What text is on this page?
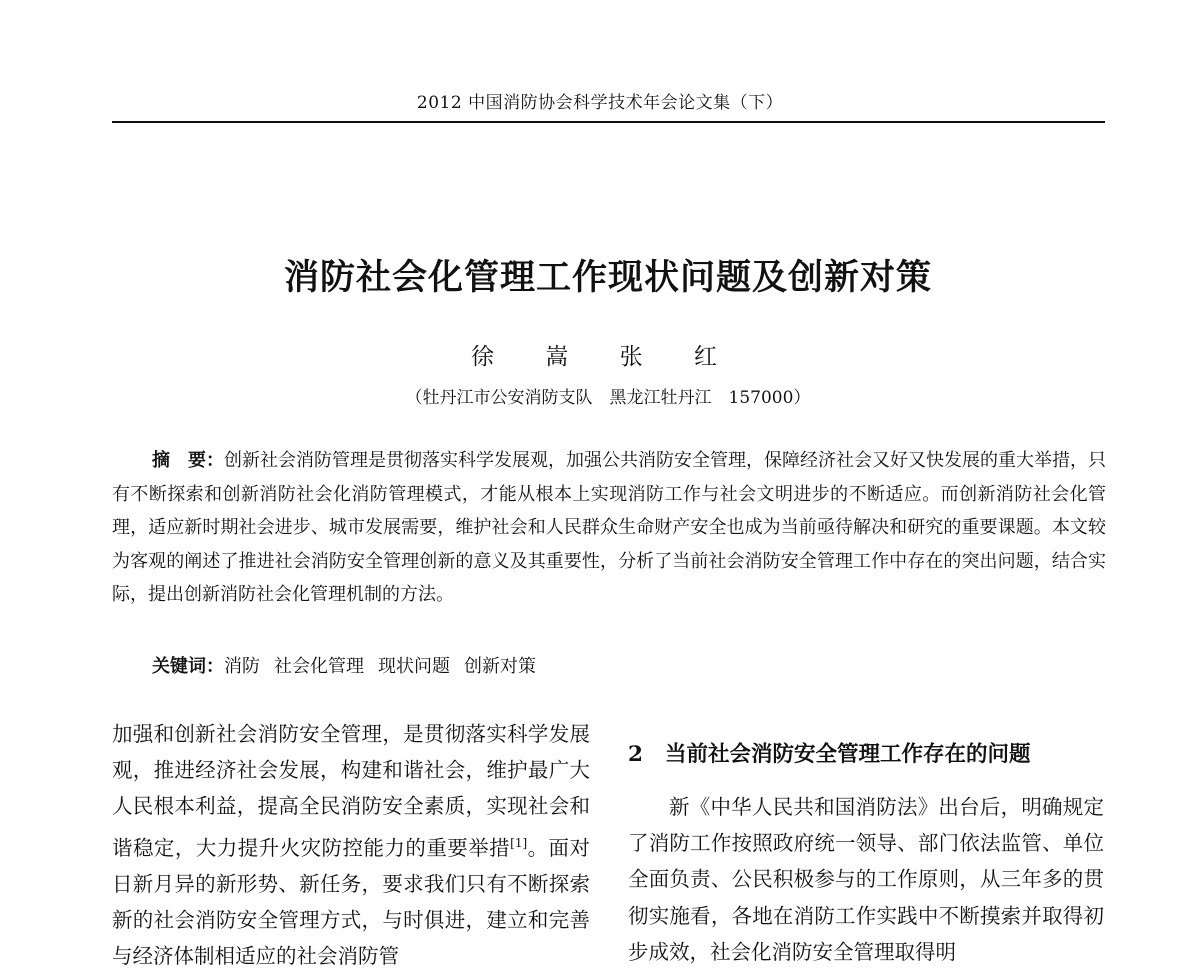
2012 中国消防协会科学技术年会论文集（下）
消防社会化管理工作现状问题及创新对策
徐 嵩 张 红
（牡丹江市公安消防支队　黑龙江牡丹江　157000）

摘　要：创新社会消防管理是贯彻落实科学发展观，加强公共消防安全管理，保障经济社会又好又快发展的重大举措，只有不断探索和创新消防社会化消防管理模式，才能从根本上实现消防工作与社会文明进步的不断适应。而创新消防社会化管理，适应新时期社会进步、城市发展需要，维护社会和人民群众生命财产安全也成为当前亟待解决和研究的重要课题。本文较为客观的阐述了推进社会消防安全管理创新的意义及其重要性，分析了当前社会消防安全管理工作中存在的突出问题，结合实际，提出创新消防社会化管理机制的方法。

关键词：消防 社会化管理 现状问题 创新对策

加强和创新社会消防安全管理，是贯彻落实科学发展观，推进经济社会发展，构建和谐社会，维护最广大人民根本利益，提高全民消防安全素质，实现社会和谐稳定，大力提升火灾防控能力的重要举措[1]。面对日新月异的新形势、新任务，要求我们只有不断探索新的社会消防安全管理方式，与时俱进，建立和完善与经济体制相适应的社会消防管

2 当前社会消防安全管理工作存在的问题

新《中华人民共和国消防法》出台后，明确规定了消防工作按照政府统一领导、部门依法监管、单位全面负责、公民积极参与的工作原则，从三年多的贯彻实施看，各地在消防工作实践中不断摸索并取得初步成效，社会化消防安全管理取得明
